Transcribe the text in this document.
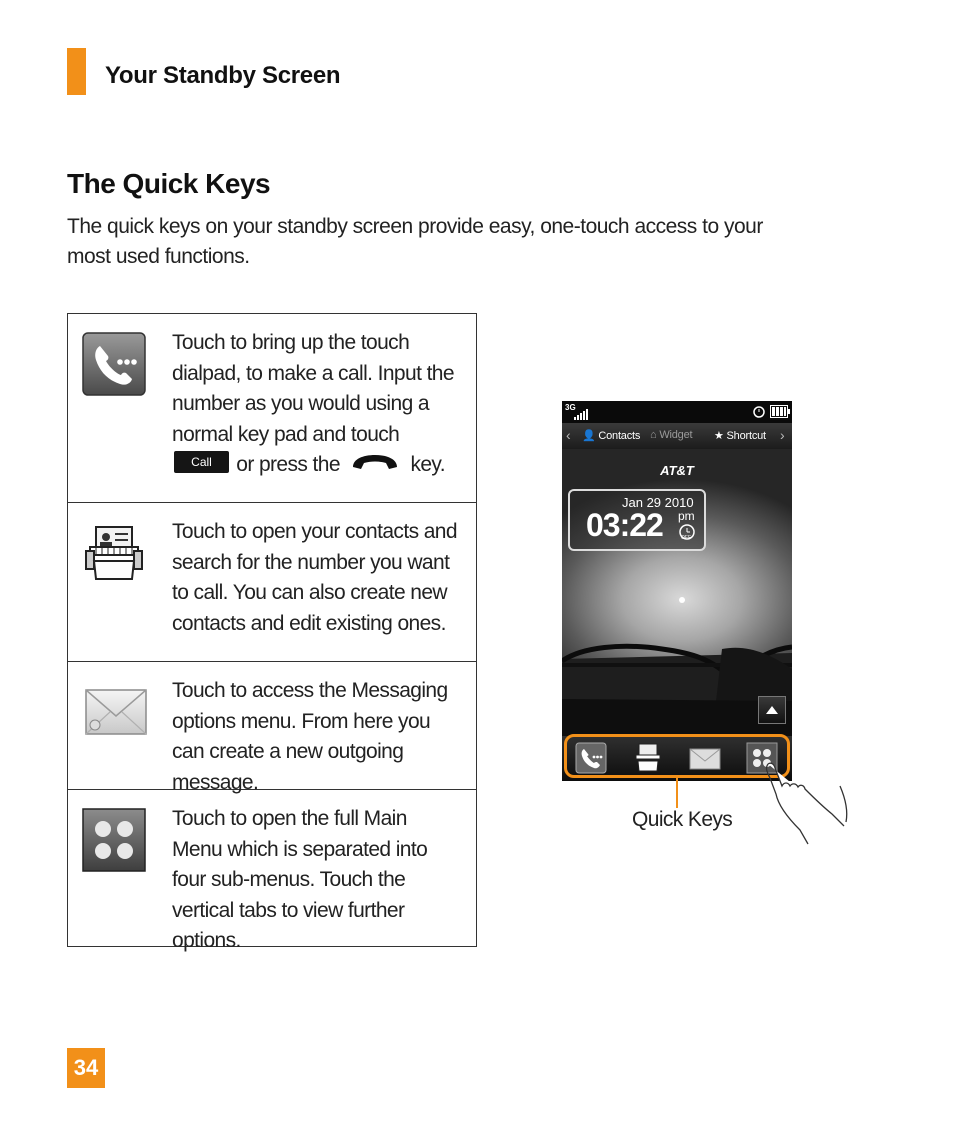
Your Standby Screen
The Quick Keys
The quick keys on your standby screen provide easy, one-touch access to your most used functions.
Touch to bring up the touch dialpad, to make a call. Input the number as you would using a normal key pad and touch Call or press the	key.
Touch to open your contacts and search for the number you want to call. You can also create new contacts and edit existing ones.
Touch to access the Messaging options menu. From here you can create a new outgoing message.
Touch to open the full Main Menu which is separated into four sub-menus. Touch the vertical tabs to view further options.
3G
‹ 👤 Contacts ⌂ Widget ★ Shortcut ›
AT&T
Jan 29 2010
03:22 pm
OFF
Quick Keys
34
